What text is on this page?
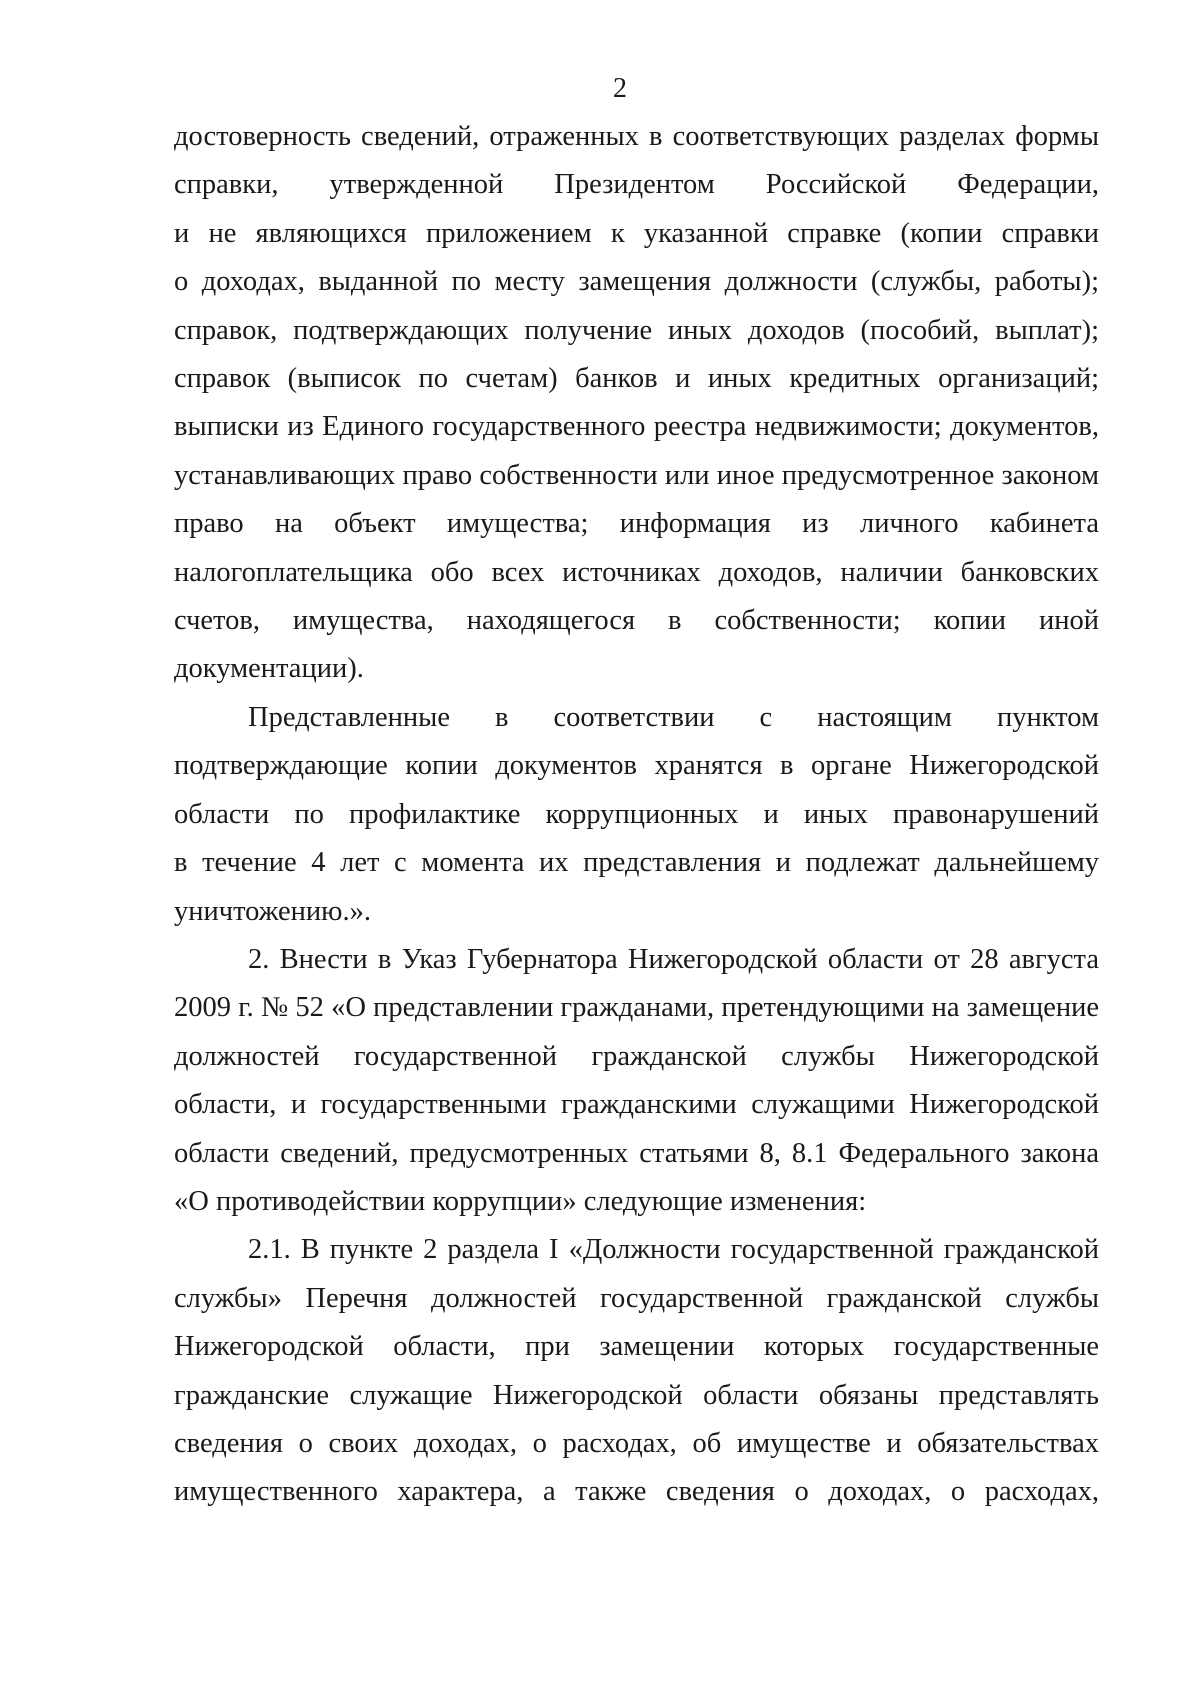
2
достоверность сведений, отраженных в соответствующих разделах формы
справки, утвержденной Президентом Российской Федерации,
и не являющихся приложением к указанной справке (копии справки
о доходах, выданной по месту замещения должности (службы, работы);
справок, подтверждающих получение иных доходов (пособий, выплат);
справок (выписок по счетам) банков и иных кредитных организаций;
выписки из Единого государственного реестра недвижимости; документов,
устанавливающих право собственности или иное предусмотренное законом
право на объект имущества; информация из личного кабинета
налогоплательщика обо всех источниках доходов, наличии банковских
счетов, имущества, находящегося в собственности; копии иной
документации).
Представленные в соответствии с настоящим пунктом
подтверждающие копии документов хранятся в органе Нижегородской
области по профилактике коррупционных и иных правонарушений
в течение 4 лет с момента их представления и подлежат дальнейшему
уничтожению.».
2. Внести в Указ Губернатора Нижегородской области от 28 августа
2009 г. № 52 «О представлении гражданами, претендующими на замещение
должностей государственной гражданской службы Нижегородской
области, и государственными гражданскими служащими Нижегородской
области сведений, предусмотренных статьями 8, 8.1 Федерального закона
«О противодействии коррупции» следующие изменения:
2.1. В пункте 2 раздела I «Должности государственной гражданской
службы» Перечня должностей государственной гражданской службы
Нижегородской области, при замещении которых государственные
гражданские служащие Нижегородской области обязаны представлять
сведения о своих доходах, о расходах, об имуществе и обязательствах
имущественного характера, а также сведения о доходах, о расходах,
